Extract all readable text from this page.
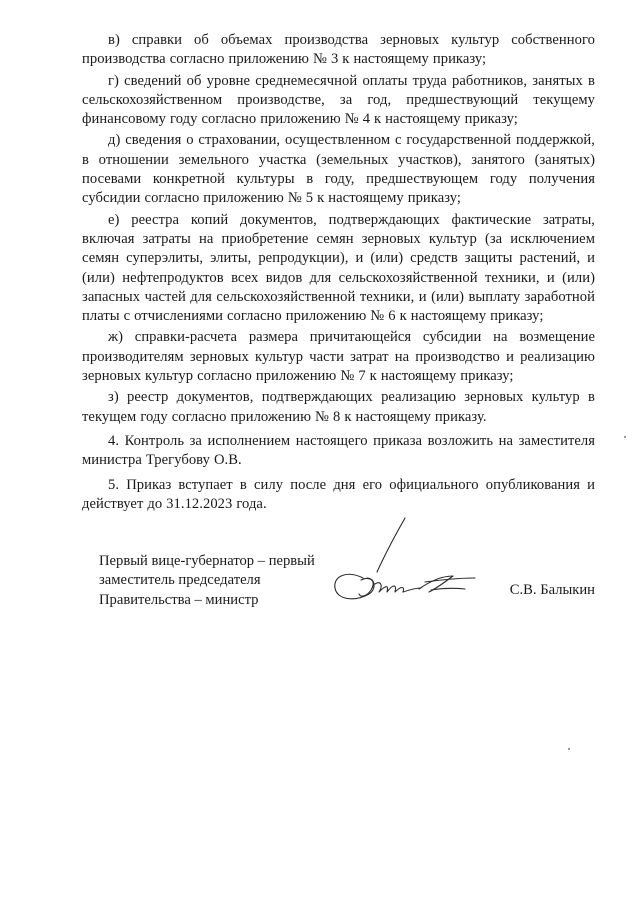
в) справки об объемах производства зерновых культур собственного производства согласно приложению № 3 к настоящему приказу;

г) сведений об уровне среднемесячной оплаты труда работников, занятых в сельскохозяйственном производстве, за год, предшествующий текущему финансовому году согласно приложению № 4 к настоящему приказу;

д) сведения о страховании, осуществленном с государственной поддержкой, в отношении земельного участка (земельных участков), занятого (занятых) посевами конкретной культуры в году, предшествующем году получения субсидии согласно приложению № 5 к настоящему приказу;

е) реестра копий документов, подтверждающих фактические затраты, включая затраты на приобретение семян зерновых культур (за исключением семян суперэлиты, элиты, репродукции), и (или) средств защиты растений, и (или) нефтепродуктов всех видов для сельскохозяйственной техники, и (или) запасных частей для сельскохозяйственной техники, и (или) выплату заработной платы с отчислениями согласно приложению № 6 к настоящему приказу;

ж) справки-расчета размера причитающейся субсидии на возмещение производителям зерновых культур части затрат на производство и реализацию зерновых культур согласно приложению № 7 к настоящему приказу;

з) реестр документов, подтверждающих реализацию зерновых культур в текущем году согласно приложению № 8 к настоящему приказу.

4. Контроль за исполнением настоящего приказа возложить на заместителя министра Трегубову О.В.

5. Приказ вступает в силу после дня его официального опубликования и действует до 31.12.2023 года.

Первый вице-губернатор – первый
заместитель председателя
Правительства – министр
С.В. Балыкин
